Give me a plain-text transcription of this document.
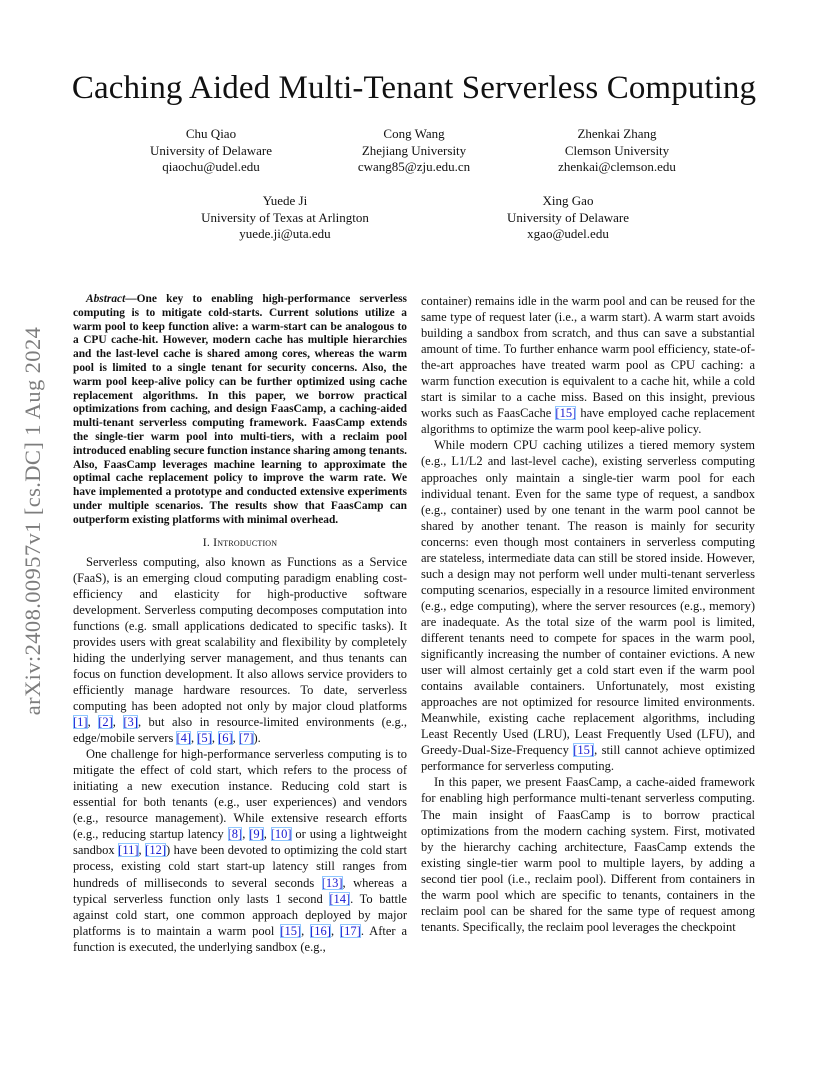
Caching Aided Multi-Tenant Serverless Computing
Chu Qiao
University of Delaware
qiaochu@udel.edu
Cong Wang
Zhejiang University
cwang85@zju.edu.cn
Zhenkai Zhang
Clemson University
zhenkai@clemson.edu
Yuede Ji
University of Texas at Arlington
yuede.ji@uta.edu
Xing Gao
University of Delaware
xgao@udel.edu
arXiv:2408.00957v1 [cs.DC] 1 Aug 2024

Abstract—One key to enabling high-performance serverless computing is to mitigate cold-starts. Current solutions utilize a warm pool to keep function alive: a warm-start can be analogous to a CPU cache-hit. However, modern cache has multiple hierarchies and the last-level cache is shared among cores, whereas the warm pool is limited to a single tenant for security concerns. Also, the warm pool keep-alive policy can be further optimized using cache replacement algorithms. In this paper, we borrow practical optimizations from caching, and design FaasCamp, a caching-aided multi-tenant serverless computing framework. FaasCamp extends the single-tier warm pool into multi-tiers, with a reclaim pool introduced enabling secure function instance sharing among tenants. Also, FaasCamp leverages machine learning to approximate the optimal cache replacement policy to improve the warm rate. We have implemented a prototype and conducted extensive experiments under multiple scenarios. The results show that FaasCamp can outperform existing platforms with minimal overhead.

I. Introduction

Serverless computing, also known as Functions as a Service (FaaS), is an emerging cloud computing paradigm enabling cost-efficiency and elasticity for high-productive software development. Serverless computing decomposes computation into functions (e.g. small applications dedicated to specific tasks). It provides users with great scalability and flexibility by completely hiding the underlying server management, and thus tenants can focus on function development. It also allows service providers to efficiently manage hardware resources. To date, serverless computing has been adopted not only by major cloud platforms [1], [2], [3], but also in resource-limited environments (e.g., edge/mobile servers [4], [5], [6], [7]).

One challenge for high-performance serverless computing is to mitigate the effect of cold start, which refers to the process of initiating a new execution instance. Reducing cold start is essential for both tenants (e.g., user experiences) and vendors (e.g., resource management). While extensive research efforts (e.g., reducing startup latency [8], [9], [10] or using a lightweight sandbox [11], [12]) have been devoted to optimizing the cold start process, existing cold start start-up latency still ranges from hundreds of milliseconds to several seconds [13], whereas a typical serverless function only lasts 1 second [14]. To battle against cold start, one common approach deployed by major platforms is to maintain a warm pool [15], [16], [17]. After a function is executed, the underlying sandbox (e.g.,

container) remains idle in the warm pool and can be reused for the same type of request later (i.e., a warm start). A warm start avoids building a sandbox from scratch, and thus can save a substantial amount of time. To further enhance warm pool efficiency, state-of-the-art approaches have treated warm pool as CPU caching: a warm function execution is equivalent to a cache hit, while a cold start is similar to a cache miss. Based on this insight, previous works such as FaasCache [15] have employed cache replacement algorithms to optimize the warm pool keep-alive policy.

While modern CPU caching utilizes a tiered memory system (e.g., L1/L2 and last-level cache), existing serverless computing approaches only maintain a single-tier warm pool for each individual tenant. Even for the same type of request, a sandbox (e.g., container) used by one tenant in the warm pool cannot be shared by another tenant. The reason is mainly for security concerns: even though most containers in serverless computing are stateless, intermediate data can still be stored inside. However, such a design may not perform well under multi-tenant serverless computing scenarios, especially in a resource limited environment (e.g., edge computing), where the server resources (e.g., memory) are inadequate. As the total size of the warm pool is limited, different tenants need to compete for spaces in the warm pool, significantly increasing the number of container evictions. A new user will almost certainly get a cold start even if the warm pool contains available containers. Unfortunately, most existing approaches are not optimized for resource limited environments. Meanwhile, existing cache replacement algorithms, including Least Recently Used (LRU), Least Frequently Used (LFU), and Greedy-Dual-Size-Frequency [15], still cannot achieve optimized performance for serverless computing.

In this paper, we present FaasCamp, a cache-aided framework for enabling high performance multi-tenant serverless computing. The main insight of FaasCamp is to borrow practical optimizations from the modern caching system. First, motivated by the hierarchy caching architecture, FaasCamp extends the existing single-tier warm pool to multiple layers, by adding a second tier pool (i.e., reclaim pool). Different from containers in the warm pool which are specific to tenants, containers in the reclaim pool can be shared for the same type of request among tenants. Specifically, the reclaim pool leverages the checkpoint
